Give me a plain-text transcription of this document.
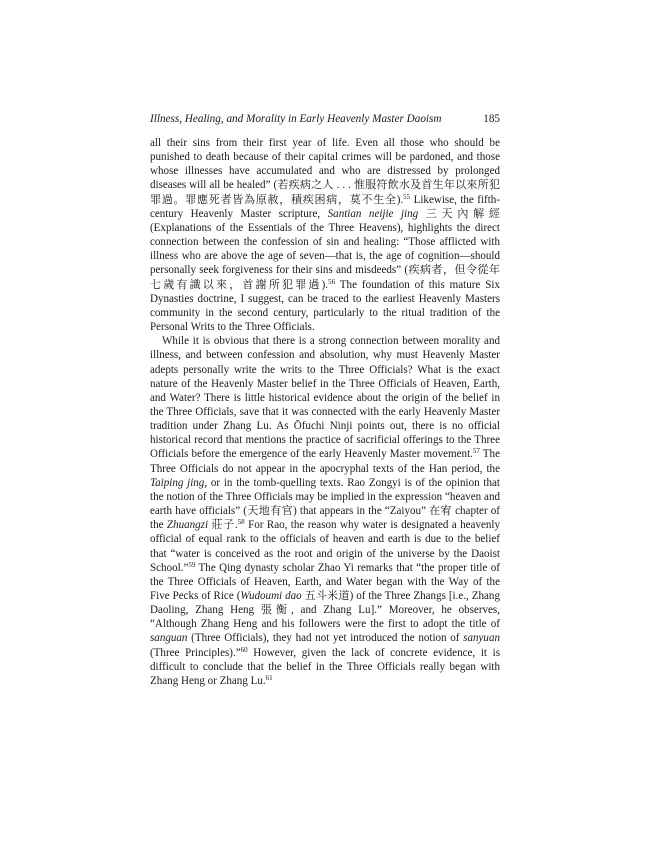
Illness, Healing, and Morality in Early Heavenly Master Daoism	185

all their sins from their first year of life. Even all those who should be punished to death because of their capital crimes will be pardoned, and those whose illnesses have accumulated and who are distressed by prolonged diseases will all be healed” (若疾病之人 . . . 惟服符飲水及首生年以來所犯罪過。罪應死者皆為原赦，積疾困病，莫不生全).$^{55}$ Likewise, the fifth-century Heavenly Master scripture, Santian neijie jing 三天內解經 (Explanations of the Essentials of the Three Heavens), highlights the direct connection between the confession of sin and healing: “Those afflicted with illness who are above the age of seven—that is, the age of cognition—should personally seek forgiveness for their sins and misdeeds” (疾病者，但令從年七歲有識以來，首謝所犯罪過).$^{56}$ The foundation of this mature Six Dynasties doctrine, I suggest, can be traced to the earliest Heavenly Masters community in the second century, particularly to the ritual tradition of the Personal Writs to the Three Officials.

While it is obvious that there is a strong connection between morality and illness, and between confession and absolution, why must Heavenly Master adepts personally write the writs to the Three Officials? What is the exact nature of the Heavenly Master belief in the Three Officials of Heaven, Earth, and Water? There is little historical evidence about the origin of the belief in the Three Officials, save that it was connected with the early Heavenly Master tradition under Zhang Lu. As Ōfuchi Ninji points out, there is no official historical record that mentions the practice of sacrificial offerings to the Three Officials before the emergence of the early Heavenly Master movement.$^{57}$ The Three Officials do not appear in the apocryphal texts of the Han period, the Taiping jing, or in the tomb-quelling texts. Rao Zongyi is of the opinion that the notion of the Three Officials may be implied in the expression “heaven and earth have officials” (天地有官) that appears in the “Zaiyou” 在宥 chapter of the Zhuangzi 莊子.$^{58}$ For Rao, the reason why water is designated a heavenly official of equal rank to the officials of heaven and earth is due to the belief that “water is conceived as the root and origin of the universe by the Daoist School.”$^{59}$ The Qing dynasty scholar Zhao Yi remarks that “the proper title of the Three Officials of Heaven, Earth, and Water began with the Way of the Five Pecks of Rice (Wudoumi dao 五斗米道) of the Three Zhangs [i.e., Zhang Daoling, Zhang Heng 張衡, and Zhang Lu].” Moreover, he observes, “Although Zhang Heng and his followers were the first to adopt the title of sanguan (Three Officials), they had not yet introduced the notion of sanyuan (Three Principles).”$^{60}$ However, given the lack of concrete evidence, it is difficult to conclude that the belief in the Three Officials really began with Zhang Heng or Zhang Lu.$^{61}$
